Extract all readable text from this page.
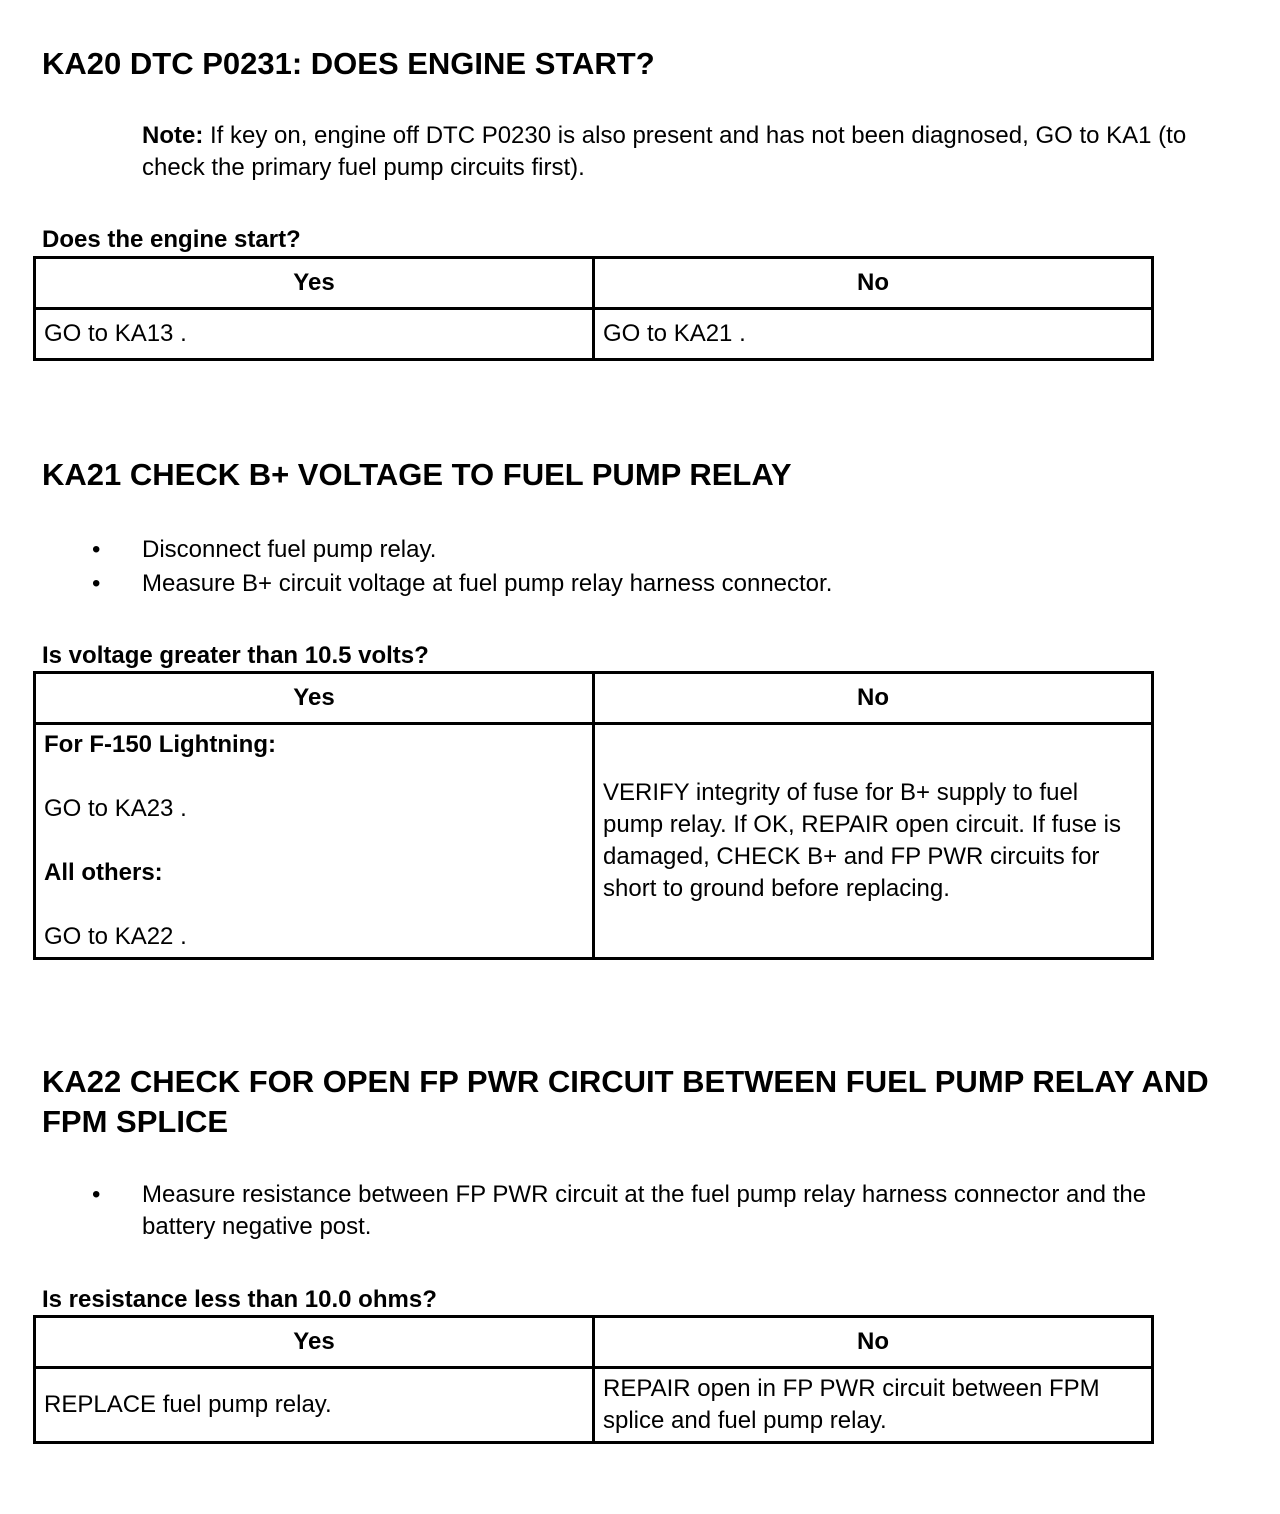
KA20 DTC P0231: DOES ENGINE START?
Note: If key on, engine off DTC P0230 is also present and has not been diagnosed, GO to KA1 (to check the primary fuel pump circuits first).
Does the engine start?
Yes	No
GO to KA13 .	GO to KA21 .
KA21 CHECK B+ VOLTAGE TO FUEL PUMP RELAY
• Disconnect fuel pump relay.
• Measure B+ circuit voltage at fuel pump relay harness connector.
Is voltage greater than 10.5 volts?
Yes	No

For F-150 Lightning:
GO to KA23 .
All others:
GO to KA22 .	VERIFY integrity of fuse for B+ supply to fuel pump relay. If OK, REPAIR open circuit. If fuse is damaged, CHECK B+ and FP PWR circuits for short to ground before replacing.
KA22 CHECK FOR OPEN FP PWR CIRCUIT BETWEEN FUEL PUMP RELAY AND FPM SPLICE
• Measure resistance between FP PWR circuit at the fuel pump relay harness connector and the battery negative post.
Is resistance less than 10.0 ohms?
Yes	No
REPLACE fuel pump relay.	REPAIR open in FP PWR circuit between FPM splice and fuel pump relay.
